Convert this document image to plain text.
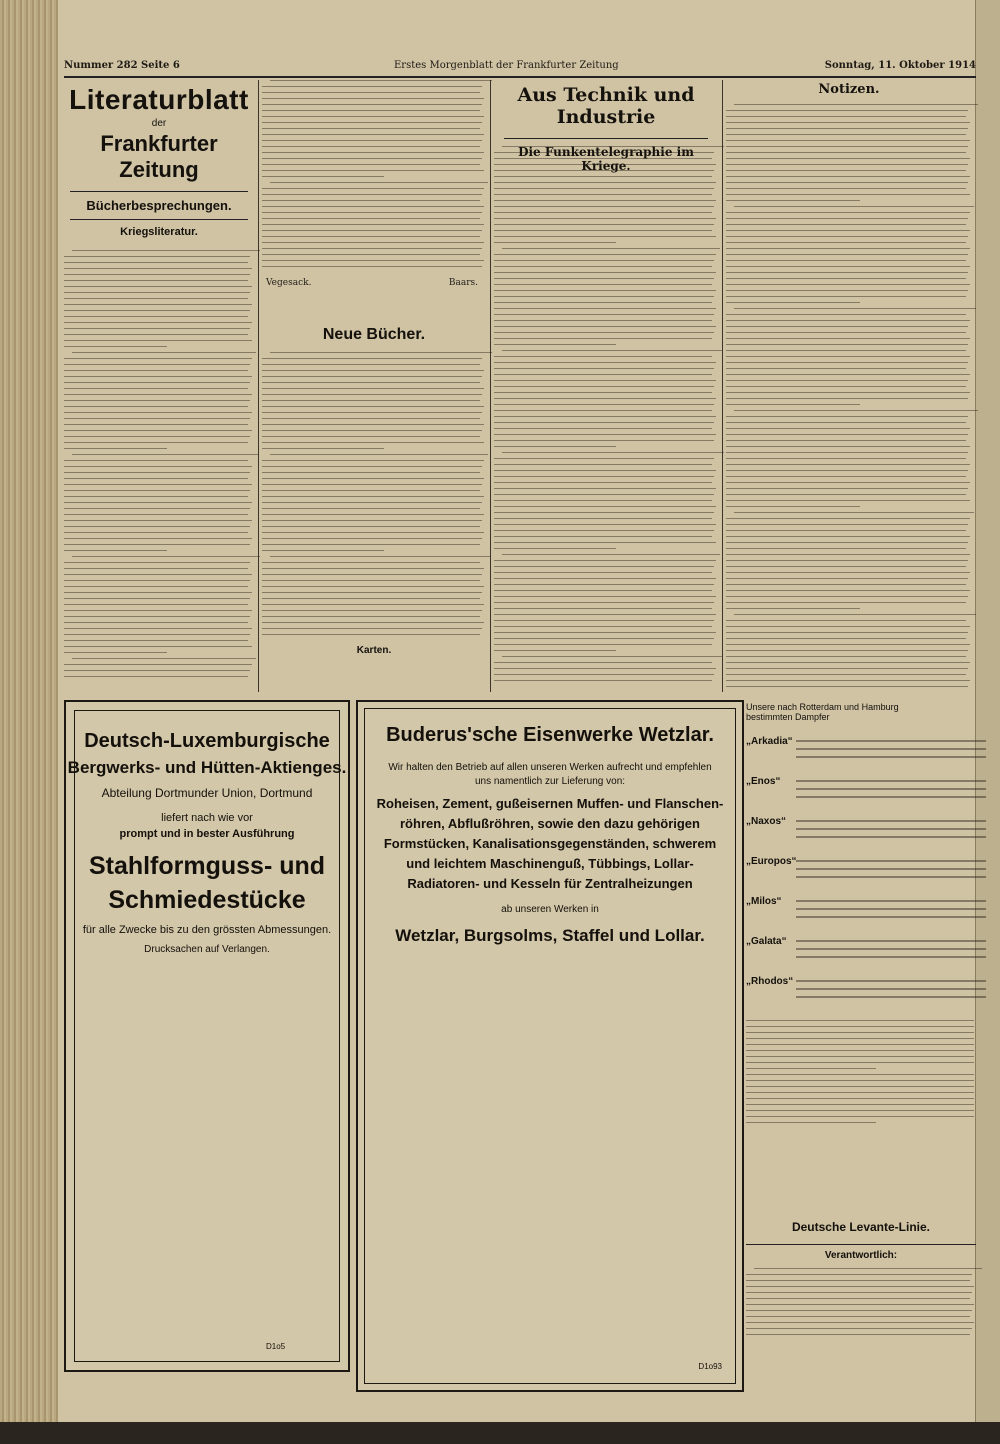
Nummer 282 Seite 6	Erstes Morgenblatt der Frankfurter Zeitung	Sonntag, 11. Oktober 1914
Literaturblatt
der
Frankfurter Zeitung
Bücherbesprechungen.
Kriegsliteratur.
Vegesack.	Baars.
Neue Bücher.
Karten.
Aus Technik und Industrie
Die Funkentelegraphie im Kriege.
Notizen.
Deutsch-Luxemburgische
Bergwerks- und Hütten-Aktienges.
Abteilung Dortmunder Union, Dortmund
liefert nach wie vor
prompt und in bester Ausführung
Stahlformguss- und
Schmiedestücke
für alle Zwecke bis zu den grössten Abmessungen.
Drucksachen auf Verlangen.
D1o5
Buderus'sche Eisenwerke Wetzlar.
Wir halten den Betrieb auf allen unseren Werken aufrecht und empfehlen
uns namentlich zur Lieferung von:
Roheisen, Zement, gußeisernen Muffen- und Flanschen-
röhren, Abflußröhren, sowie den dazu gehörigen
Formstücken, Kanalisationsgegenständen, schwerem
und leichtem Maschinenguß, Tübbings, Lollar-
Radiatoren- und Kesseln für Zentralheizungen
ab unseren Werken in
Wetzlar, Burgsolms, Staffel und Lollar.
D1o93
Unsere nach Rotterdam und Hamburg
bestimmten Dampfer
„Arkadia“
„Enos“
„Naxos“
„Europos“
„Milos“
„Galata“
„Rhodos“
Deutsche Levante-Linie.
Verantwortlich:
